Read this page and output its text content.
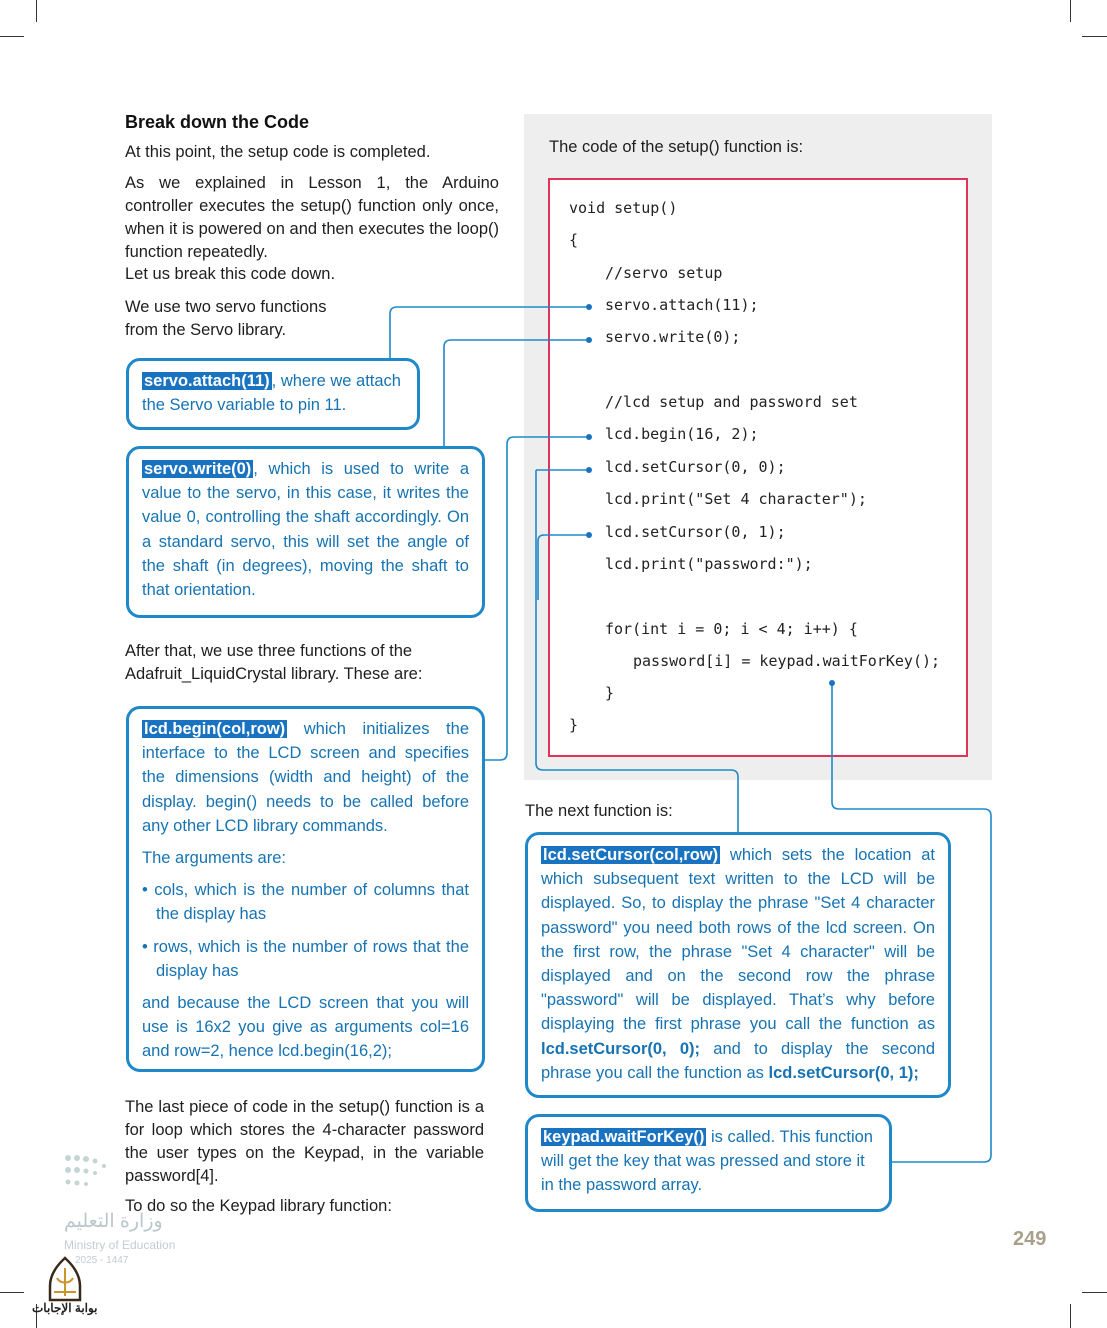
The code of the setup() function is:

void setup()
{
//servo setup
servo.attach(11);
servo.write(0);
//lcd setup and password set
lcd.begin(16, 2);
lcd.setCursor(0, 0);
lcd.print("Set 4 character");
lcd.setCursor(0, 1);
lcd.print("password:");
for(int i = 0; i < 4; i++) {
password[i] = keypad.waitForKey();
}
}
Break down the Code

At this point, the setup code is completed.

As we explained in Lesson 1, the Arduino controller executes the setup() function only once, when it is powered on and then executes the loop() function repeatedly.

Let us break this code down.

We use two servo functions

from the Servo library.

servo.attach(11) , where we attach the Servo variable to pin 11.

servo.write(0) , which is used to write a value to the servo, in this case, it writes the value 0, controlling the shaft accordingly. On a standard servo, this will set the angle of the shaft (in degrees), moving the shaft to that orientation.

After that, we use three functions of the Adafruit_LiquidCrystal library. These are:

lcd.begin(col,row) which initializes the interface to the LCD screen and specifies the dimensions (width and height) of the display. begin() needs to be called before any other LCD library commands.

The arguments are:

• cols, which is the number of columns that the display has

• rows, which is the number of rows that the display has

and because the LCD screen that you will use is 16x2 you give as arguments col=16 and row=2, hence lcd.begin(16,2);

The last piece of code in the setup() function is a for loop which stores the 4-character password the user types on the Keypad, in the variable password[4].

To do so the Keypad library function:

The next function is:

lcd.setCursor(col,row) which sets the location at which subsequent text written to the LCD will be displayed. So, to display the phrase "Set 4 character password" you need both rows of the lcd screen. On the first row, the phrase "Set 4 character" will be displayed and on the second row the phrase "password" will be displayed. That’s why before displaying the first phrase you call the function as lcd.setCursor(0, 0); and to display the second phrase you call the function as lcd.setCursor(0, 1);

keypad.waitForKey() is called. This function will get the key that was pressed and store it in the password array.

249
وزارة التعليم
Ministry of Education
2025 - 1447
بوابة الإجابات
